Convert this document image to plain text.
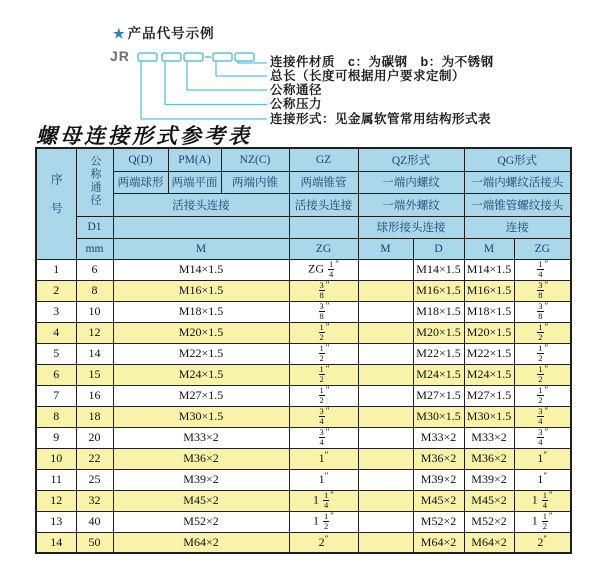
★ 产品代号示例
JR	连接件材质　c：为碳钢　b：为不锈钢
总长（长度可根据用户要求定制）
公称通径
公称压力
连接形式：见金属软管常用结构形式表
螺母连接形式参考表
序号	公称通径	Q(D)	PM(A)	NZ(C)	GZ	QZ形式		QG形式	
		两端球形	两端平面	两端内锥	两端锥管	一端内螺纹		一端内螺纹活接头	
		活接头连接			活接头连接	一端外螺纹		一端锥管螺纹接头	
	D1					球形接头连接		连接	
	mm	M			ZG	M	D	M	ZG
1	6	M14×1.5			ZG $\frac{1}{4} ''$		M14×1.5	M14×1.5	$\frac{1}{4} ''$
2	8	M16×1.5			$\frac{3}{8} ''$		M16×1.5	M16×1.5	$\frac{3}{8} ''$
3	10	M18×1.5			$\frac{3}{8} ''$		M18×1.5	M18×1.5	$\frac{3}{8} ''$
4	12	M20×1.5			$\frac{1}{2} ''$		M20×1.5	M20×1.5	$\frac{1}{2} ''$
5	14	M22×1.5			$\frac{1}{2} ''$		M22×1.5	M22×1.5	$\frac{1}{2} ''$
6	15	M24×1.5			$\frac{1}{2} ''$		M24×1.5	M24×1.5	$\frac{1}{2} ''$
7	16	M27×1.5			$\frac{1}{2} ''$		M27×1.5	M27×1.5	$\frac{1}{2} ''$
8	18	M30×1.5			$\frac{3}{4} ''$		M30×1.5	M30×1.5	$\frac{3}{4} ''$
9	20	M33×2			$\frac{3}{4} ''$		M33×2	M33×2	$\frac{3}{4} ''$
10	22	M36×2			1″		M36×2	M36×2	1″
11	25	M39×2			1″		M39×2	M39×2	1″
12	32	M45×2			$1 \frac{1}{4} ''$		M45×2	M45×2	$1 \frac{1}{4} ''$
13	40	M52×2			$1 \frac{1}{2} ''$		M52×2	M52×2	$1 \frac{1}{2} ''$
14	50	M64×2			2″		M64×2	M64×2	2″
